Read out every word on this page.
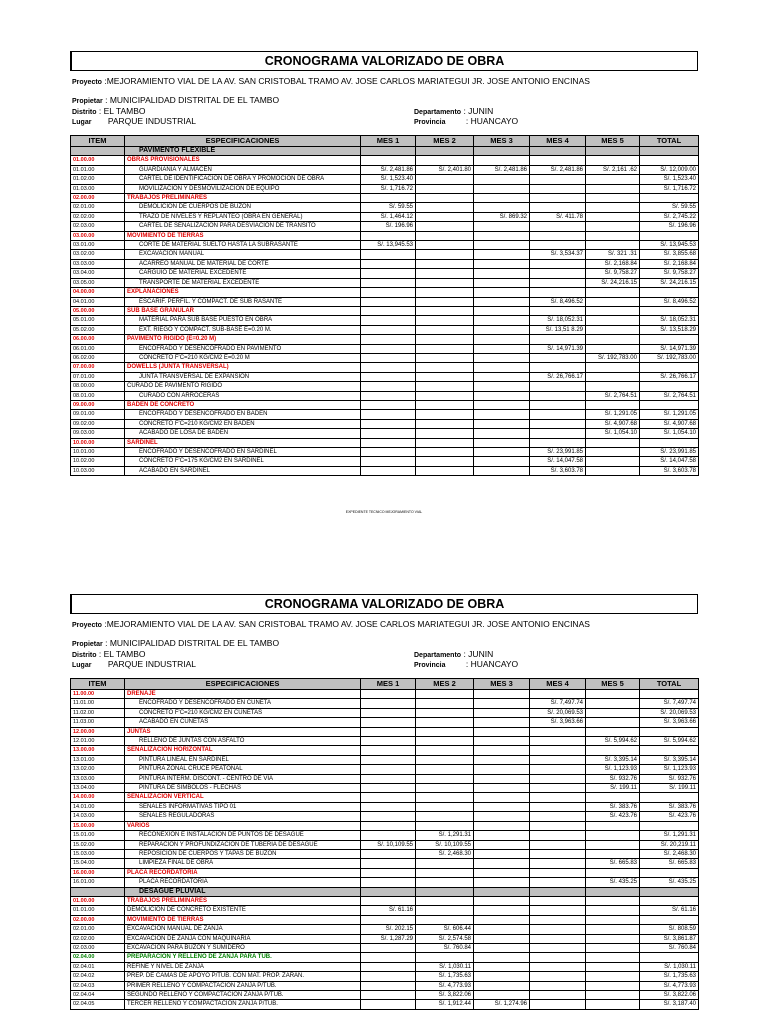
CRONOGRAMA VALORIZADO DE OBRA
Proyecto :MEJORAMIENTO VIAL DE LA AV. SAN CRISTOBAL TRAMO AV. JOSE CARLOS MARIATEGUI JR. JOSE ANTONIO ENCINAS
Propietar : MUNICIPALIDAD DISTRITAL DE EL TAMBO
Distrito : EL TAMBO
Lugar PARQUE INDUSTRIAL
Departamento : JUNIN
Provincia : HUANCAYO
ITEM	ESPECIFICACIONES	MES 1	MES 2	MES 3	MES 4	MES 5	TOTAL
	PAVIMENTO FLEXIBLE						
01.00.00	OBRAS PROVISIONALES						
01.01.00	GUARDIANIA Y ALMACEN	S/. 2,481.86	S/. 2,401.80	S/. 2,481.86	S/. 2,481.86	S/. 2,161 .62	S/. 12,009.00
01.02.00	CARTEL DE IDENTIFICACION DE OBRA Y PROMOCION DE OBRA	S/. 1,523.40					S/. 1,523.40
01.03.00	MOVILIZACION Y DESMOVILIZACION DE EQUIPO	S/. 1,716.72					S/. 1,716.72
02.00.00	TRABAJOS PRELIMINARES						
02.01.00	DEMOLICION DE CUERPOS DE BUZON	S/. 59.55					S/. 59.55
02.02.00	TRAZO DE NIVELES Y REPLANTEO (OBRA EN GENERAL)	S/. 1,464.12		S/. 869.32	S/. 411.78		S/. 2,745.22
02.03.00	CARTEL DE SENALIZACION PARA DESVIACION DE TRANSITO	S/. 196.96					S/. 196.96
03.00.00	MOVIMIENTO DE TIERRAS						
03.01.00	CORTE DE MATERIAL SUELTO HASTA LA SUBRASANTE	S/. 13,945.53					S/. 13,945.53
03.02.00	EXCAVACION MANUAL				S/. 3,534.37	S/. 321 .31	S/. 3,855.68
03.03.00	ACARREO MANUAL DE MATERIAL DE CORTE					S/. 2,168.84	S/. 2,168.84
03.04.00	CARGUIO DE MATERIAL EXCEDENTE					S/. 9,758.27	S/. 9,758.27
03.05.00	TRANSPORTE DE MATERIAL EXCEDENTE					S/. 24,216.15	S/. 24,216.15
04.00.00	EXPLANACIONES						
04.01.00	ESCARIF. PERFIL. Y COMPACT. DE SUB RASANTE				S/. 8,496.52		S/. 8,496.52
05.00.00	SUB BASE GRANULAR						
05.01.00	MATERIAL PARA SUB BASE PUESTO EN OBRA				S/. 18,052.31		S/. 18,052.31
05.02.00	EXT. RIEGO Y COMPACT. SUB-BASE E=0.20 M.				S/. 13,51 8.29		S/. 13,518.29
06.00.00	PAVIMENTO RIGIDO (E=0.20 M)						
06.01.00	ENCOFRADO Y DESENCOFRADO EN PAVIMENTO				S/. 14,971.39		S/. 14,971.39
06.02.00	CONCRETO F'C=210 KG/CM2 E=0.20 M					S/. 192,783.00	S/. 192,783.00
07.00.00	DOWELLS (JUNTA TRANSVERSAL)						
07.01.00	JUNTA TRANSVERSAL DE EXPANSION				S/. 26,766.17		S/. 26,766.17
08.00.00	CURADO DE PAVIMENTO RIGIDO						
08.01.00	CURADO CON ARROCERAS					S/. 2,764.51	S/. 2,764.51
09.00.00	BADEN DE CONCRETO						
09.01.00	ENCOFRADO Y DESENCOFRADO EN BADEN					S/. 1,291.05	S/. 1,291.05
09.02.00	CONCRETO F'C=210 KG/CM2 EN BADEN					S/. 4,907.68	S/. 4,907.68
09.03.00	ACABADO DE LOSA DE BADEN					S/. 1,054.10	S/. 1,054.10
10.00.00	SARDINEL						
10.01.00	ENCOFRADO Y DESENCOFRADO EN SARDINEL				S/. 23,991.85		S/. 23,991.85
10.02.00	CONCRETO F'C=175 KG/CM2 EN SARDINEL				S/. 14,047.58		S/. 14,047.58
10.03.00	ACABADO EN SARDINEL				S/. 3,603.78		S/. 3,603.78
EXPEDIENTE TECNICO MEJORAMIENTO VIAL
CRONOGRAMA VALORIZADO DE OBRA
Proyecto :MEJORAMIENTO VIAL DE LA AV. SAN CRISTOBAL TRAMO AV. JOSE CARLOS MARIATEGUI JR. JOSE ANTONIO ENCINAS
Propietar : MUNICIPALIDAD DISTRITAL DE EL TAMBO
Distrito : EL TAMBO
Lugar PARQUE INDUSTRIAL
Departamento : JUNIN
Provincia : HUANCAYO
ITEM	ESPECIFICACIONES	MES 1	MES 2	MES 3	MES 4	MES 5	TOTAL
11.00.00	DRENAJE						
11.01.00	ENCOFRADO Y DESENCOFRADO EN CUNETA				S/. 7,497.74		S/. 7,497.74
11.02.00	CONCRETO F'C=210 KG/CM2 EN CUNETAS				S/. 20,069.53		S/. 20,069.53
11.03.00	ACABADO EN CUNETAS				S/. 3,963.66		S/. 3,963.66
12.00.00	JUNTAS						
12.01.00	RELLENO DE JUNTAS CON ASFALTO					S/. 5,994.62	S/. 5,994.62
13.00.00	SENALIZACION HORIZONTAL						
13.01.00	PINTURA LINEAL EN SARDINEL					S/. 3,395.14	S/. 3,395.14
13.02.00	PINTURA ZONAL CRUCE PEATONAL					S/. 1,123.93	S/. 1,123.93
13.03.00	PINTURA INTERM. DISCONT. - CENTRO DE VIA					S/. 932.76	S/. 932.76
13.04.00	PINTURA DE SIMBOLOS - FLECHAS					S/. 199.11	S/. 199.11
14.00.00	SENALIZACION VERTICAL						
14.01.00	SEÑALES INFORMATIVAS TIPO 01					S/. 383.76	S/. 383.76
14.03.00	SEÑALES REGULADORAS					S/. 423.76	S/. 423.76
15.00.00	VARIOS						
15.01.00	RECONEXION E INSTALACION DE PUNTOS DE DESAGUE		S/. 1,291.31				S/. 1,291.31
15.02.00	REPARACION Y PROFUNDIZACION DE TUBERIA DE DESAGUE	S/. 10,109.55	S/. 10,109.55				S/. 20,219.11
15.03.00	REPOSICION DE CUERPOS Y TAPAS DE BUZON		S/. 2,468.30				S/. 2,468.30
15.04.00	LIMPIEZA FINAL DE OBRA					S/. 665.83	S/. 665.83
16.00.00	PLACA RECORDATORIA						
16.01.00	PLACA RECORDATORIA					S/. 435.25	S/. 435.25
	DESAGUE PLUVIAL						
01.00.00	TRABAJOS PRELIMINARES						
01.01.00	DEMOLICION DE CONCRETO EXISTENTE	S/. 61.16					S/. 61.16
02.00.00	MOVIMIENTO DE TIERRAS						
02.01.00	EXCAVACION MANUAL DE ZANJA	S/. 202.15	S/. 606.44				S/. 808.59
02.02.00	EXCAVACION DE ZANJA CON MAQUINARIA	S/. 1,287.29	S/. 2,574.58				S/. 3,861.87
02.03.00	EXCAVACION PARA BUZON Y SUMIDERO		S/. 760.84				S/. 760.84
02.04.00	PREPARACION Y RELLENO DE ZANJA PARA TUB.						
02.04.01	REFINE Y NIVEL DE ZANJA		S/. 1,030.11				S/. 1,030.11
02.04.02	PREP. DE CAMAS DE APOYO P/TUB. CON MAT. PROP. ZARAN.		S/. 1,735.63				S/. 1,735.63
02.04.03	PRIMER RELLENO Y COMPACTACION ZANJA P/TUB.		S/. 4,773.93				S/. 4,773.93
02.04.04	SEGUNDO RELLENO Y COMPACTACION ZANJA P/TUB.		S/. 3,822.06				S/. 3,822.06
02.04.05	TERCER RELLENO Y COMPACTACION ZANJA P/TUB.		S/. 1,912.44	S/. 1,274.96			S/. 3,187.40
